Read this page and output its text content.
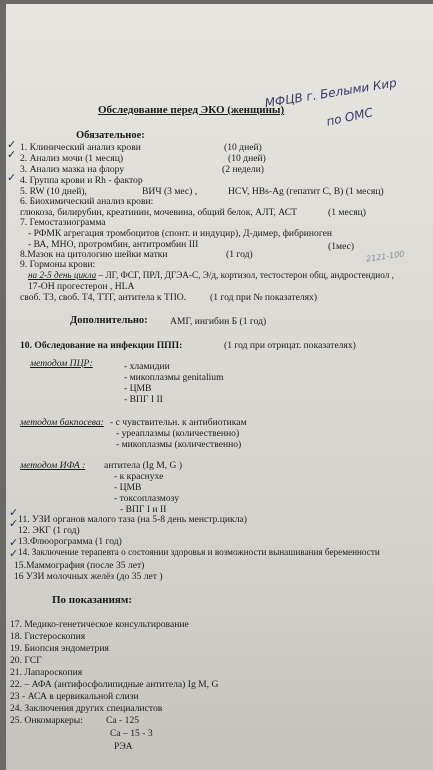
МФЦВ г. Белыми Кир
по ОМС
2121-100
Обследование перед ЭКО (женщины)
Обязательное:
✓
✓
✓
✓
✓
✓
✓
1. Клинический анализ крови	(10 дней)
2. Анализ мочи (1 месяц)	(10 дней)
3. Анализ мазка на флору	(2 недели)
4. Группа крови и Rh - фактор
5. RW (10 дней),	ВИЧ (3 мес) ,	HCV, HBs-Ag (гепатит C, B) (1 месяц)
6. Биохимический анализ крови:
глюкоза, билирубин, креатинин, мочевина, общий белок, АЛТ, АСТ	(1 месяц)
7. Гемостазиограмма
- РФМК агрегация тромбоцитов (спонт. и индуцир), Д-димер, фибриноген
- ВА, МНО, протромбин, антитромбин III	(1мес)
8.Мазок на цитологию шейки матки	(1 год)
9. Гормоны крови:
на 2-5 день цикла – ЛГ, ФСГ, ПРЛ, ДГЭА-С, Э/д, кортизол, тестостерон общ, андростендиол ,
17-ОН прогестерон , HLA
своб. Т3, своб. Т4, ТТГ, антитела к ТПО. (1 год при № показателях)
Дополнительно: АМГ, ингибин Б (1 год)
10. Обследование на инфекции ППП:	(1 год при отрицат. показателях)
методом ПЦР:	- хламидии
- микоплазмы genitalium
- ЦМВ
- ВПГ I II
методом бакпосева: - с чувствительн. к антибиотикам
- уреаплазмы (количественно)
- микоплазмы (количественно)
методом ИФА : антитела (Ig M, G )
- к краснухе
- ЦМВ
- токсоплазмозу
- ВПГ I и II
11. УЗИ органов малого таза (на 5-8 день менстр.цикла)
12. ЭКГ (1 год)
13.Флюорограмма (1 год)
14. Заключение терапевта о состоянии здоровья и возможности вынашивания беременности
15.Маммография (после 35 лет)
16 УЗИ молочных желёз (до 35 лет )
По показаниям:
17. Медико-генетическое консультирование
18. Гистероскопия
19. Биопсия эндометрия
20. ГСГ
21. Лапароскопия
22. – АФА (антифосфолипидные антитела) Ig M, G
23 - АСА в цервикальной слизи
24. Заключения других специалистов
25. Онкомаркеры: Са - 125
Са – 15 - 3
РЭА
